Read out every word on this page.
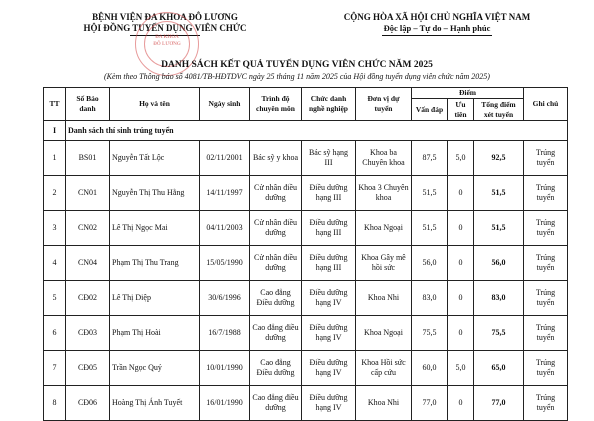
BỆNH VIỆN ĐA KHOA ĐÔ LƯƠNG
HỘI ĐỒNG TUYỂN DỤNG VIÊN CHỨC
ĐA KHOA
ĐÔ LƯƠNG
CỘNG HÒA XÃ HỘI CHỦ NGHĨA VIỆT NAM
Độc lập – Tự do – Hạnh phúc
DANH SÁCH KẾT QUẢ TUYỂN DỤNG VIÊN CHỨC NĂM 2025
(Kèm theo Thông báo số 4081/TB-HĐTDVC ngày 25 tháng 11 năm 2025 của Hội đồng tuyển dụng viên chức năm 2025)
TT	Số Báo danh	Họ và tên	Ngày sinh	Trình độ chuyên môn	Chức danh nghề nghiệp	Đơn vị dự tuyển	Điểm			Ghi chú
							Vấn đáp	Ưu tiên	Tổng điểm xét tuyển	
I	Danh sách thí sinh trúng tuyển									
1	BS01	Nguyễn Tất Lộc	02/11/2001	Bác sỹ y khoa	Bác sỹ hạng III	Khoa ba Chuyên khoa	87,5	5,0	92,5	Trúng tuyển
2	CN01	Nguyễn Thị Thu Hằng	14/11/1997	Cử nhân điều dưỡng	Điều dưỡng hạng III	Khoa 3 Chuyên khoa	51,5	0	51,5	Trúng tuyển
3	CN02	Lê Thị Ngọc Mai	04/11/2003	Cử nhân điều dưỡng	Điều dưỡng hạng III	Khoa Ngoại	51,5	0	51,5	Trúng tuyển
4	CN04	Phạm Thị Thu Trang	15/05/1990	Cử nhân điều dưỡng	Điều dưỡng hạng III	Khoa Gây mê hồi sức	56,0	0	56,0	Trúng tuyển
5	CĐ02	Lê Thị Diệp	30/6/1996	Cao đẳng Điều dưỡng	Điều dưỡng hạng IV	Khoa Nhi	83,0	0	83,0	Trúng tuyển
6	CĐ03	Phạm Thị Hoài	16/7/1988	Cao đẳng điều dưỡng	Điều dưỡng hạng IV	Khoa Ngoại	75,5	0	75,5	Trúng tuyển
7	CĐ05	Trần Ngọc Quý	10/01/1990	Cao đẳng Điều dưỡng	Điều dưỡng hạng IV	Khoa Hồi sức cấp cứu	60,0	5,0	65,0	Trúng tuyển
8	CĐ06	Hoàng Thị Ánh Tuyết	16/01/1990	Cao đẳng điều dưỡng	Điều dưỡng hạng IV	Khoa Nhi	77,0	0	77,0	Trúng tuyển
